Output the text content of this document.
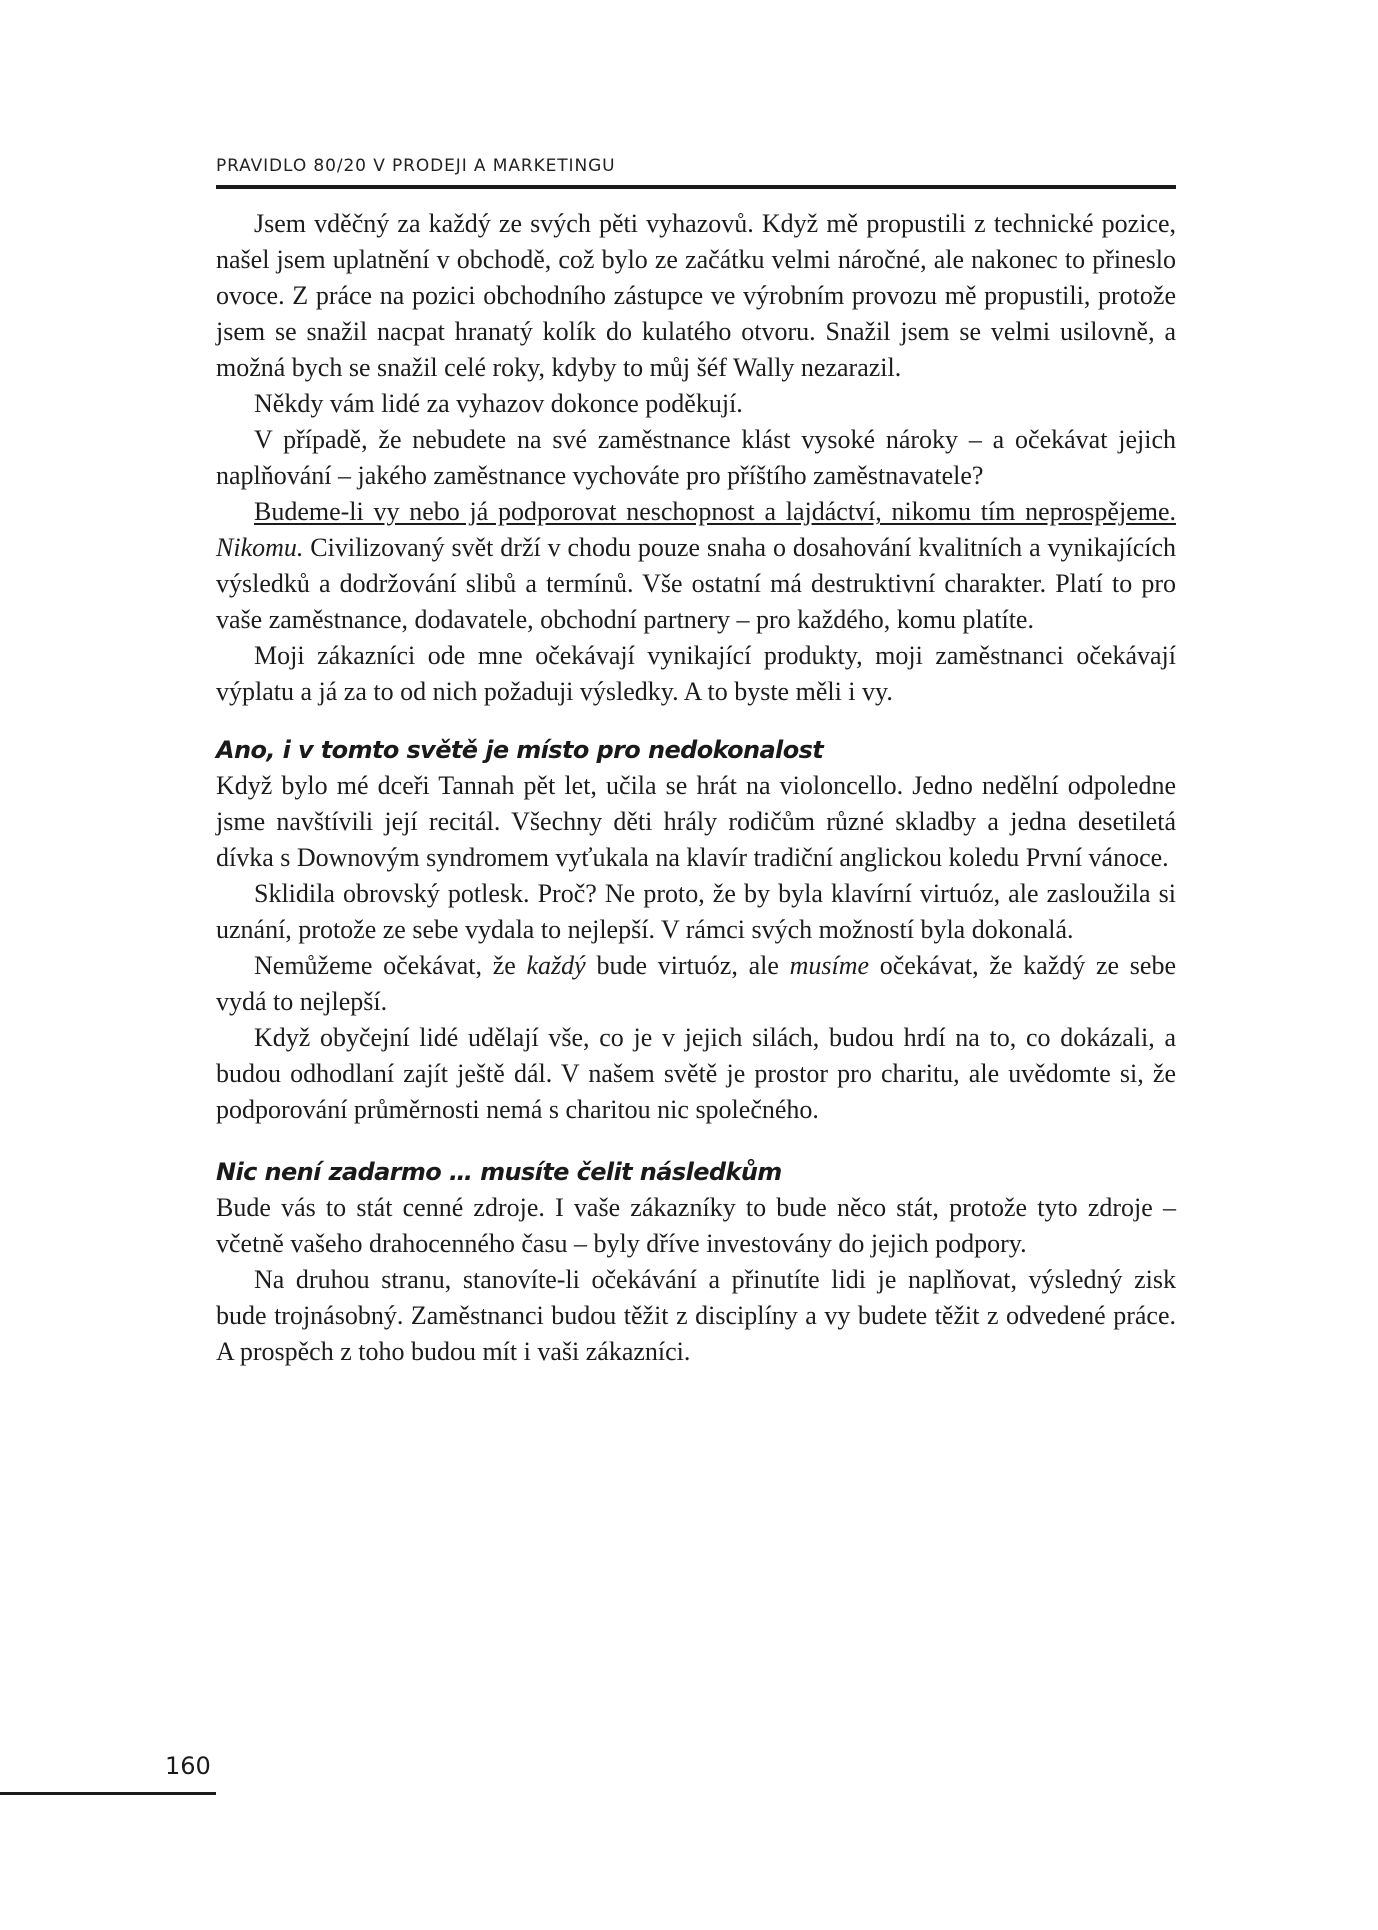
PRAVIDLO 80/20 V PRODEJI A MARKETINGU

Jsem vděčný za každý ze svých pěti vyhazovů. Když mě propustili z technické pozice, našel jsem uplatnění v obchodě, což bylo ze začátku velmi náročné, ale nakonec to přineslo ovoce. Z práce na pozici obchodního zástupce ve výrobním provozu mě propustili, protože jsem se snažil nacpat hranatý kolík do kulatého otvoru. Snažil jsem se velmi usilovně, a možná bych se snažil celé roky, kdyby to můj šéf Wally nezarazil.

Někdy vám lidé za vyhazov dokonce poděkují.

V případě, že nebudete na své zaměstnance klást vysoké nároky – a očekávat jejich naplňování – jakého zaměstnance vychováte pro příštího zaměstnavatele?

Budeme-li vy nebo já podporovat neschopnost a lajdáctví, nikomu tím neprospějeme. Nikomu. Civilizovaný svět drží v chodu pouze snaha o dosahování kvalitních a vynikajících výsledků a dodržování slibů a termínů. Vše ostatní má destruktivní charakter. Platí to pro vaše zaměstnance, dodavatele, obchodní partnery – pro každého, komu platíte.

Moji zákazníci ode mne očekávají vynikající produkty, moji zaměstnanci očekávají výplatu a já za to od nich požaduji výsledky. A to byste měli i vy.

Ano, i v tomto světě je místo pro nedokonalost

Když bylo mé dceři Tannah pět let, učila se hrát na violoncello. Jedno nedělní odpoledne jsme navštívili její recitál. Všechny děti hrály rodičům různé skladby a jedna desetiletá dívka s Downovým syndromem vyťukala na klavír tradiční anglickou koledu První vánoce.

Sklidila obrovský potlesk. Proč? Ne proto, že by byla klavírní virtuóz, ale zasloužila si uznání, protože ze sebe vydala to nejlepší. V rámci svých možností byla dokonalá.

Nemůžeme očekávat, že každý bude virtuóz, ale musíme očekávat, že každý ze sebe vydá to nejlepší.

Když obyčejní lidé udělají vše, co je v jejich silách, budou hrdí na to, co dokázali, a budou odhodlaní zajít ještě dál. V našem světě je prostor pro charitu, ale uvědomte si, že podporování průměrnosti nemá s charitou nic společného.

Nic není zadarmo … musíte čelit následkům

Bude vás to stát cenné zdroje. I vaše zákazníky to bude něco stát, protože tyto zdroje – včetně vašeho drahocenného času – byly dříve investovány do jejich podpory.

Na druhou stranu, stanovíte-li očekávání a přinutíte lidi je naplňovat, výsledný zisk bude trojnásobný. Zaměstnanci budou těžit z disciplíny a vy budete těžit z odvedené práce. A prospěch z toho budou mít i vaši zákazníci.

160
